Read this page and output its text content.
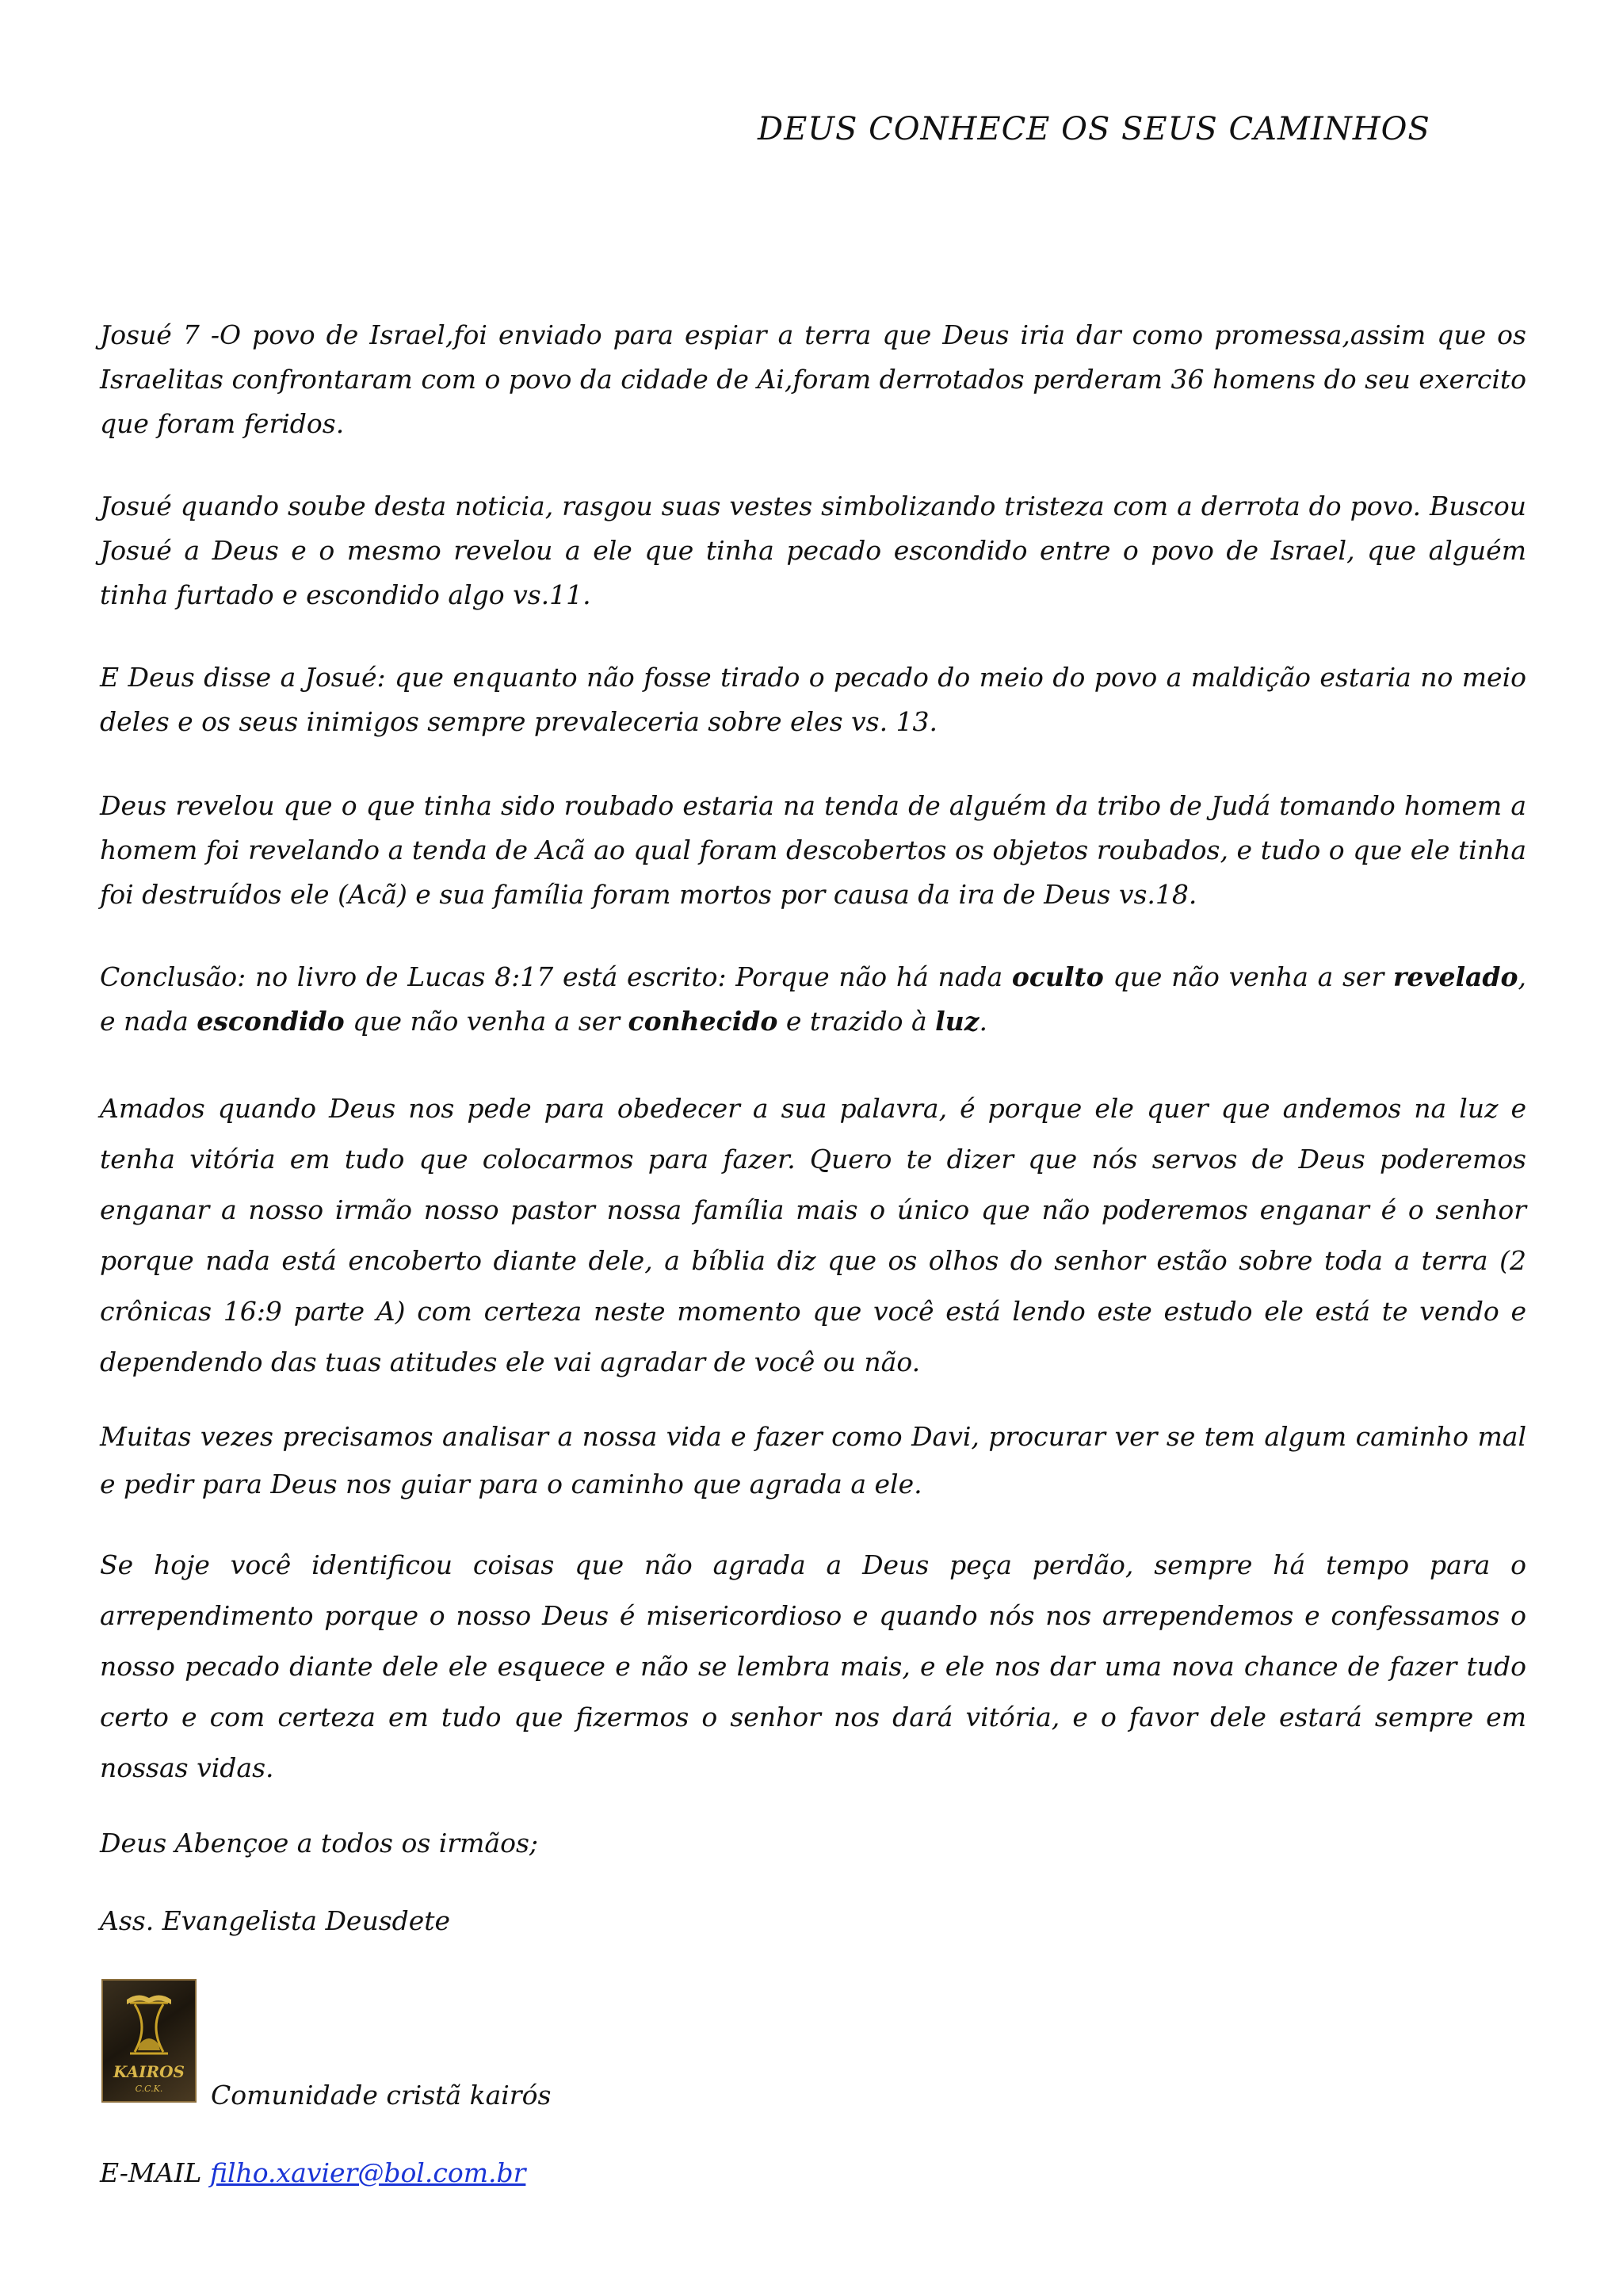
DEUS CONHECE OS SEUS CAMINHOS

Josué 7 -O povo de Israel,foi enviado para espiar a terra que Deus iria dar como promessa,assim que os Israelitas confrontaram com o povo da cidade de Ai,foram derrotados perderam 36 homens do seu exercito que foram feridos.

Josué quando soube desta noticia, rasgou suas vestes simbolizando tristeza com a derrota do povo. Buscou Josué a Deus e o mesmo revelou a ele que tinha pecado escondido entre o povo de Israel, que alguém tinha furtado e escondido algo vs.11.

E Deus disse a Josué: que enquanto não fosse tirado o pecado do meio do povo a maldição estaria no meio deles e os seus inimigos sempre prevaleceria sobre eles vs. 13.

Deus revelou que o que tinha sido roubado estaria na tenda de alguém da tribo de Judá tomando homem a homem foi revelando a tenda de Acã ao qual foram descobertos os objetos roubados, e tudo o que ele tinha foi destruídos ele (Acã) e sua família foram mortos por causa da ira de Deus vs.18.

Conclusão: no livro de Lucas 8:17 está escrito: Porque não há nada oculto que não venha a ser revelado, e nada escondido que não venha a ser conhecido e trazido à luz.

Amados quando Deus nos pede para obedecer a sua palavra, é porque ele quer que andemos na luz e tenha vitória em tudo que colocarmos para fazer. Quero te dizer que nós servos de Deus poderemos enganar a nosso irmão nosso pastor nossa família mais o único que não poderemos enganar é o senhor porque nada está encoberto diante dele, a bíblia diz que os olhos do senhor estão sobre toda a terra (2 crônicas 16:9 parte A) com certeza neste momento que você está lendo este estudo ele está te vendo e dependendo das tuas atitudes ele vai agradar de você ou não.

Muitas vezes precisamos analisar a nossa vida e fazer como Davi, procurar ver se tem algum caminho mal e pedir para Deus nos guiar para o caminho que agrada a ele.

Se hoje você identificou coisas que não agrada a Deus peça perdão, sempre há tempo para o arrependimento porque o nosso Deus é misericordioso e quando nós nos arrependemos e confessamos o nosso pecado diante dele ele esquece e não se lembra mais, e ele nos dar uma nova chance de fazer tudo certo e com certeza em tudo que fizermos o senhor nos dará vitória, e o favor dele estará sempre em nossas vidas.

Deus Abençoe a todos os irmãos;
Ass. Evangelista Deusdete
KAIROS
C.C.K. Comunidade cristã kairós
E-MAIL filho.xavier@bol.com.br
